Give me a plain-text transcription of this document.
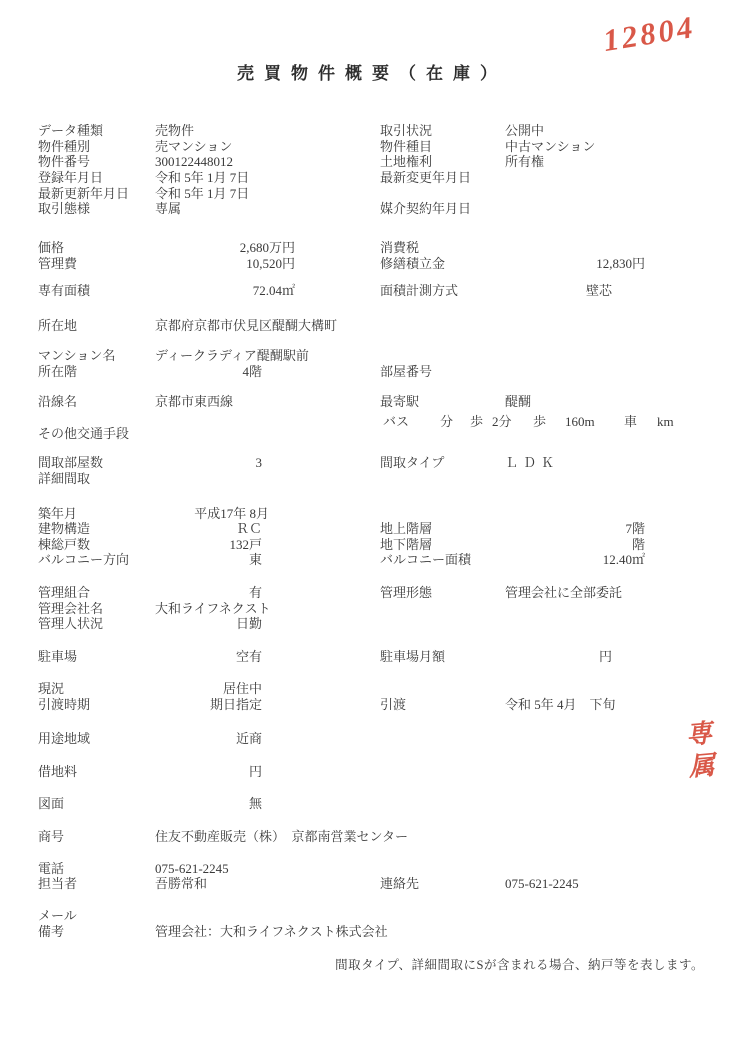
12804
売買物件概要（在庫）
データ種類	売物件	取引状況	公開中
物件種別	売マンション	物件種目	中古マンション
物件番号	300122448012	土地権利	所有権
登録年月日	令和 5年 1月 7日	最新変更年月日
最新更新年月日	令和 5年 1月 7日
取引態様	専属	媒介契約年月日
価格	2,680万円	消費税
管理費	10,520円	修繕積立金	12,830円
専有面積	72.04㎡	面積計測方式	壁芯
所在地	京都府京都市伏見区醍醐大構町
マンション名	ディークラディア醍醐駅前
所在階	4階	部屋番号
沿線名	京都市東西線	最寄駅	醍醐
バス	分	歩 2分	歩	160m	車	km
その他交通手段
間取部屋数	3	間取タイプ	ＬＤＫ
詳細間取
築年月	平成17年 8月
建物構造	ＲＣ	地上階層	7階
棟総戸数	132戸	地下階層	階
バルコニー方向	東	バルコニー面積	12.40㎡
管理組合	有	管理形態	管理会社に全部委託
管理会社名	大和ライフネクスト
管理人状況	日勤
駐車場	空有	駐車場月額	円
現況	居住中
引渡時期	期日指定	引渡	令和 5年 4月　下旬
用途地域	近商
借地料	円
図面	無
商号	住友不動産販売（株）　京都南営業センター
電話	075-621-2245
担当者	吾勝常和	連絡先	075-621-2245
メール
備考	管理会社：大和ライフネクスト株式会社
間取タイプ、詳細間取にSが含まれる場合、納戸等を表します。
専属
